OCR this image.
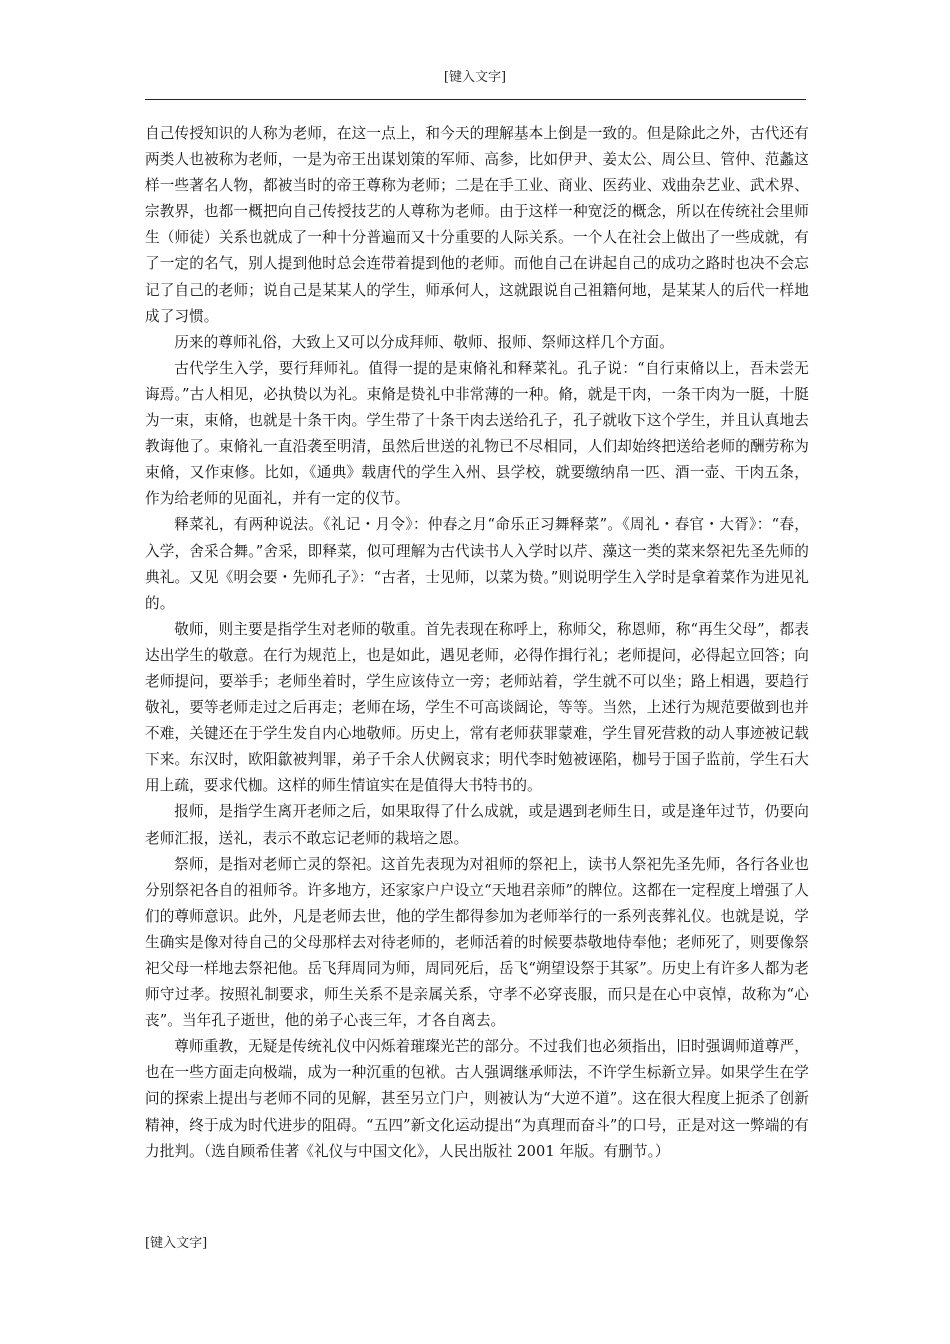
[键入文字]

自己传授知识的人称为老师，在这一点上，和今天的理解基本上倒是一致的。但是除此之外，古代还有两类人也被称为老师，一是为帝王出谋划策的军师、高参，比如伊尹、姜太公、周公旦、管仲、范蠡这样一些著名人物，都被当时的帝王尊称为老师；二是在手工业、商业、医药业、戏曲杂艺业、武术界、宗教界，也都一概把向自己传授技艺的人尊称为老师。由于这样一种宽泛的概念，所以在传统社会里师生（师徒）关系也就成了一种十分普遍而又十分重要的人际关系。一个人在社会上做出了一些成就，有了一定的名气，别人提到他时总会连带着提到他的老师。而他自己在讲起自己的成功之路时也决不会忘记了自己的老师；说自己是某某人的学生，师承何人，这就跟说自己祖籍何地，是某某人的后代一样地成了习惯。

历来的尊师礼俗，大致上又可以分成拜师、敬师、报师、祭师这样几个方面。

古代学生入学，要行拜师礼。值得一提的是束脩礼和释菜礼。孔子说：“自行束脩以上，吾未尝无诲焉。”古人相见，必执贽以为礼。束脩是贽礼中非常薄的一种。脩，就是干肉，一条干肉为一脡，十脡为一束，束脩，也就是十条干肉。学生带了十条干肉去送给孔子，孔子就收下这个学生，并且认真地去教诲他了。束脩礼一直沿袭至明清，虽然后世送的礼物已不尽相同，人们却始终把送给老师的酬劳称为束脩，又作束修。比如，《通典》载唐代的学生入州、县学校，就要缴纳帛一匹、酒一壶、干肉五条，作为给老师的见面礼，并有一定的仪节。

释菜礼，有两种说法。《礼记・月令》：仲春之月“命乐正习舞释菜”。《周礼・春官・大胥》：“春，入学，舍采合舞。”舍采，即释菜，似可理解为古代读书人入学时以芹、藻这一类的菜来祭祀先圣先师的典礼。又见《明会要・先师孔子》：“古者，士见师，以菜为贽。”则说明学生入学时是拿着菜作为进见礼的。

敬师，则主要是指学生对老师的敬重。首先表现在称呼上，称师父，称恩师，称“再生父母”，都表达出学生的敬意。在行为规范上，也是如此，遇见老师，必得作揖行礼；老师提问，必得起立回答；向老师提问，要举手；老师坐着时，学生应该侍立一旁；老师站着，学生就不可以坐；路上相遇，要趋行敬礼，要等老师走过之后再走；老师在场，学生不可高谈阔论，等等。当然，上述行为规范要做到也并不难，关键还在于学生发自内心地敬师。历史上，常有老师获罪蒙难，学生冒死营救的动人事迹被记载下来。东汉时，欧阳歙被判罪，弟子千余人伏阙哀求；明代李时勉被诬陷，枷号于国子监前，学生石大用上疏，要求代枷。这样的师生情谊实在是值得大书特书的。

报师，是指学生离开老师之后，如果取得了什么成就，或是遇到老师生日，或是逢年过节，仍要向老师汇报，送礼，表示不敢忘记老师的栽培之恩。

祭师，是指对老师亡灵的祭祀。这首先表现为对祖师的祭祀上，读书人祭祀先圣先师，各行各业也分别祭祀各自的祖师爷。许多地方，还家家户户设立“天地君亲师”的牌位。这都在一定程度上增强了人们的尊师意识。此外，凡是老师去世，他的学生都得参加为老师举行的一系列丧葬礼仪。也就是说，学生确实是像对待自己的父母那样去对待老师的，老师活着的时候要恭敬地侍奉他；老师死了，则要像祭祀父母一样地去祭祀他。岳飞拜周同为师，周同死后，岳飞“朔望设祭于其冢”。历史上有许多人都为老师守过孝。按照礼制要求，师生关系不是亲属关系，守孝不必穿丧服，而只是在心中哀悼，故称为“心丧”。当年孔子逝世，他的弟子心丧三年，才各自离去。

尊师重教，无疑是传统礼仪中闪烁着璀璨光芒的部分。不过我们也必须指出，旧时强调师道尊严，也在一些方面走向极端，成为一种沉重的包袱。古人强调继承师法，不许学生标新立异。如果学生在学问的探索上提出与老师不同的见解，甚至另立门户，则被认为“大逆不道”。这在很大程度上扼杀了创新精神，终于成为时代进步的阻碍。“五四”新文化运动提出“为真理而奋斗”的口号，正是对这一弊端的有力批判。（选自顾希佳著《礼仪与中国文化》，人民出版社 2001 年版。有删节。）

[键入文字]
